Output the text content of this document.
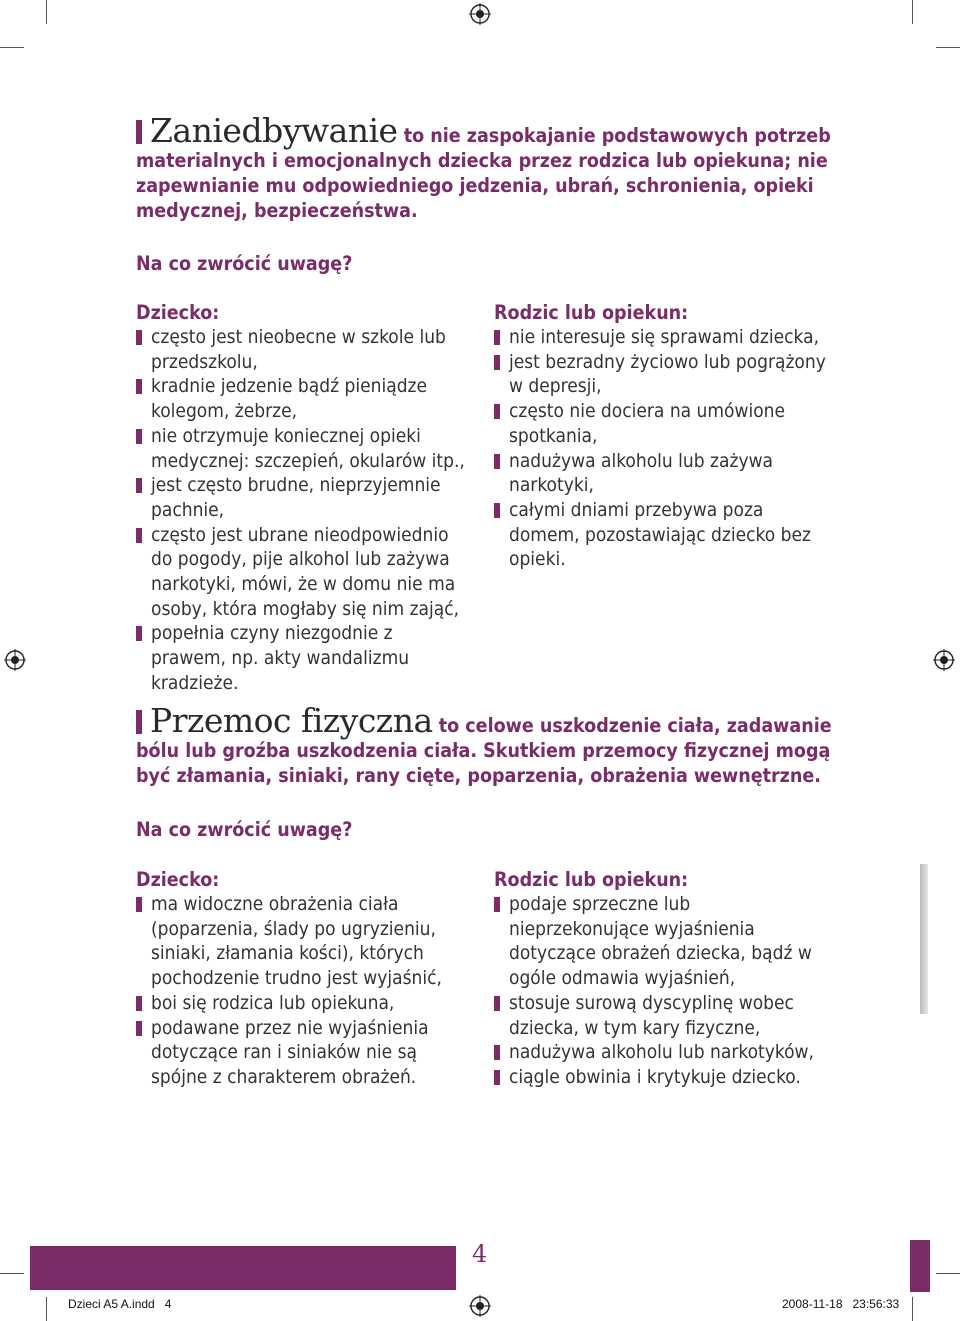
Zaniedbywanie to nie zaspokajanie podstawowych potrzeb materialnych i emocjonalnych dziecka przez rodzica lub opiekuna; nie zapewnianie mu odpowiedniego jedzenia, ubrań, schronienia, opieki medycznej, bezpieczeństwa.
Na co zwrócić uwagę?
Dziecko:
często jest nieobecne w szkole lub przedszkolu,
kradnie jedzenie bądź pieniądze kolegom, żebrze,
nie otrzymuje koniecznej opieki medycznej: szczepień, okularów itp.,
jest często brudne, nieprzyjemnie pachnie,
często jest ubrane nieodpowiednio do pogody, pije alkohol lub zażywa narkotyki, mówi, że w domu nie ma osoby, która mogłaby się nim zająć,
popełnia czyny niezgodnie z prawem, np. akty wandalizmu kradzieże.
Rodzic lub opiekun:
nie interesuje się sprawami dziecka,
jest bezradny życiowo lub pogrążony w depresji,
często nie dociera na umówione spotkania,
nadużywa alkoholu lub zażywa narkotyki,
całymi dniami przebywa poza domem, pozostawiając dziecko bez opieki.
Przemoc fizyczna to celowe uszkodzenie ciała, zadawanie bólu lub groźba uszkodzenia ciała. Skutkiem przemocy fizycznej mogą być złamania, siniaki, rany cięte, poparzenia, obrażenia wewnętrzne.
Na co zwrócić uwagę?
Dziecko:
ma widoczne obrażenia ciała (poparzenia, ślady po ugryzieniu, siniaki, złamania kości), których pochodzenie trudno jest wyjaśnić,
boi się rodzica lub opiekuna,
podawane przez nie wyjaśnienia dotyczące ran i siniaków nie są spójne z charakterem obrażeń.
Rodzic lub opiekun:
podaje sprzeczne lub nieprzekonujące wyjaśnienia dotyczące obrażeń dziecka, bądź w ogóle odmawia wyjaśnień,
stosuje surową dyscyplinę wobec dziecka, w tym kary fizyczne,
nadużywa alkoholu lub narkotyków,
ciągle obwinia i krytykuje dziecko.
4
Dzieci A5 A.indd   4	2008-11-18   23:56:33
